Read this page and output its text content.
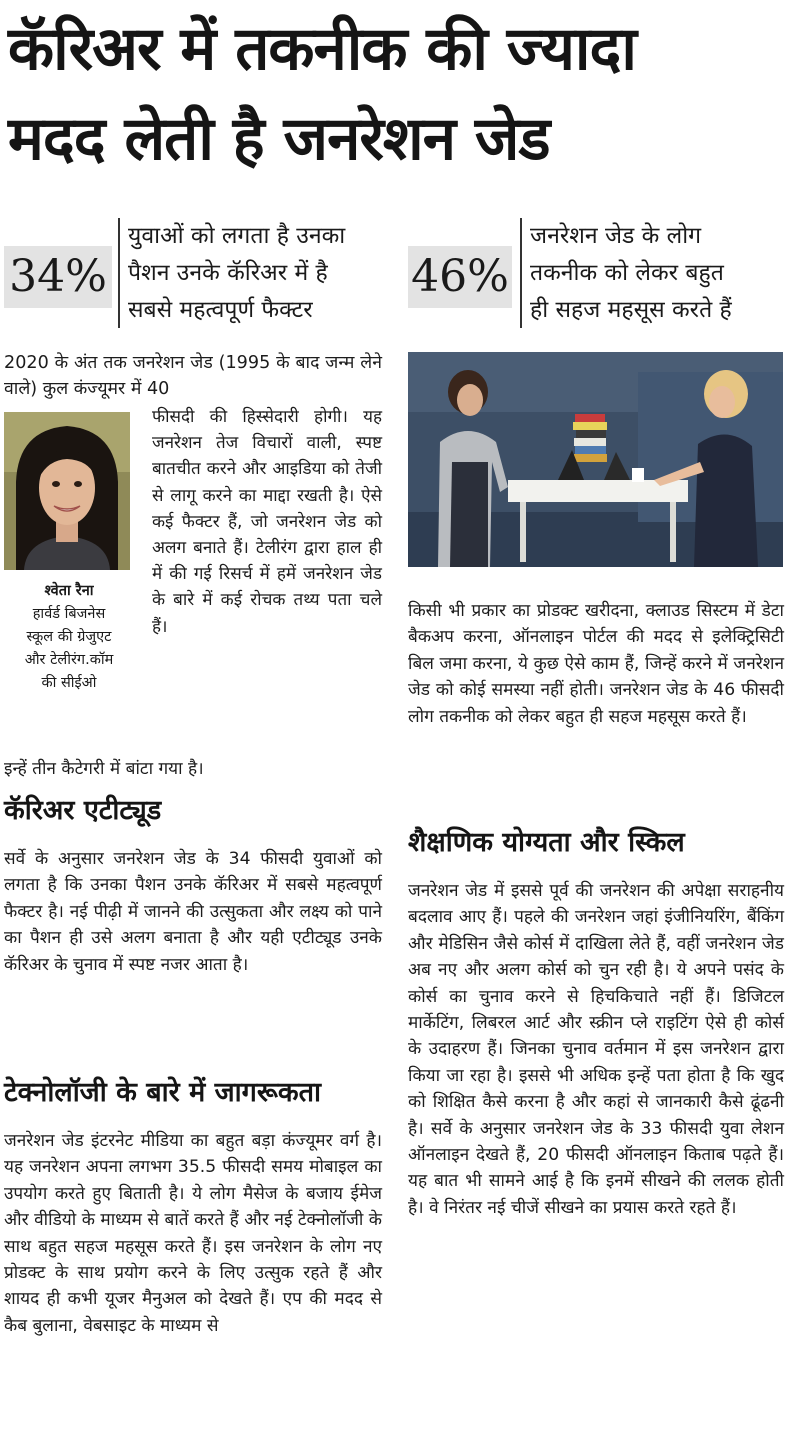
कॅरिअर में तकनीक की ज्यादा
मदद लेती है जनरेशन जेड
34%
युवाओं को लगता है उनका
पैशन उनके कॅरिअर में है
सबसे महत्वपूर्ण फैक्टर
46%
जनरेशन जेड के लोग
तकनीक को लेकर बहुत
ही सहज महसूस करते हैं

2020 के अंत तक जनरेशन जेड (1995 के बाद जन्म लेने वाले) कुल कंज्यूमर में 40

श्वेता रैना
हार्वर्ड बिजनेस
स्कूल की ग्रेजुएट
और टेलीरंग.कॉम
की सीईओ

फीसदी की हिस्सेदारी होगी। यह जनरेशन तेज विचारों वाली, स्पष्ट बातचीत करने और आइडिया को तेजी से लागू करने का माद्दा रखती है। ऐसे कई फैक्टर हैं, जो जनरेशन जेड को अलग बनाते हैं। टेलीरंग द्वारा हाल ही में की गई रिसर्च में हमें जनरेशन जेड के बारे में कई रोचक तथ्य पता चले हैं।

इन्हें तीन कैटेगरी में बांटा गया है।

कॅरिअर एटीट्यूड

सर्वे के अनुसार जनरेशन जेड के 34 फीसदी युवाओं को लगता है कि उनका पैशन उनके कॅरिअर में सबसे महत्वपूर्ण फैक्टर है। नई पीढ़ी में जानने की उत्सुकता और लक्ष्य को पाने का पैशन ही उसे अलग बनाता है और यही एटीट्यूड उनके कॅरिअर के चुनाव में स्पष्ट नजर आता है।

टेक्नोलॉजी के बारे में जागरूकता

जनरेशन जेड इंटरनेट मीडिया का बहुत बड़ा कंज्यूमर वर्ग है। यह जनरेशन अपना लगभग 35.5 फीसदी समय मोबाइल का उपयोग करते हुए बिताती है। ये लोग मैसेज के बजाय ईमेज और वीडियो के माध्यम से बातें करते हैं और नई टेक्नोलॉजी के साथ बहुत सहज महसूस करते हैं। इस जनरेशन के लोग नए प्रोडक्ट के साथ प्रयोग करने के लिए उत्सुक रहते हैं और शायद ही कभी यूजर मैनुअल को देखते हैं। एप की मदद से कैब बुलाना, वेबसाइट के माध्यम से

किसी भी प्रकार का प्रोडक्ट खरीदना, क्लाउड सिस्टम में डेटा बैकअप करना, ऑनलाइन पोर्टल की मदद से इलेक्ट्रिसिटी बिल जमा करना, ये कुछ ऐसे काम हैं, जिन्हें करने में जनरेशन जेड को कोई समस्या नहीं होती। जनरेशन जेड के 46 फीसदी लोग तकनीक को लेकर बहुत ही सहज महसूस करते हैं।

शैक्षणिक योग्यता और स्किल

जनरेशन जेड में इससे पूर्व की जनरेशन की अपेक्षा सराहनीय बदलाव आए हैं। पहले की जनरेशन जहां इंजीनियरिंग, बैंकिंग और मेडिसिन जैसे कोर्स में दाखिला लेते हैं, वहीं जनरेशन जेड अब नए और अलग कोर्स को चुन रही है। ये अपने पसंद के कोर्स का चुनाव करने से हिचकिचाते नहीं हैं। डिजिटल मार्केटिंग, लिबरल आर्ट और स्क्रीन प्ले राइटिंग ऐसे ही कोर्स के उदाहरण हैं। जिनका चुनाव वर्तमान में इस जनरेशन द्वारा किया जा रहा है। इससे भी अधिक इन्हें पता होता है कि खुद को शिक्षित कैसे करना है और कहां से जानकारी कैसे ढूंढनी है। सर्वे के अनुसार जनरेशन जेड के 33 फीसदी युवा लेशन ऑनलाइन देखते हैं, 20 फीसदी ऑनलाइन किताब पढ़ते हैं। यह बात भी सामने आई है कि इनमें सीखने की ललक होती है। वे निरंतर नई चीजें सीखने का प्रयास करते रहते हैं।
